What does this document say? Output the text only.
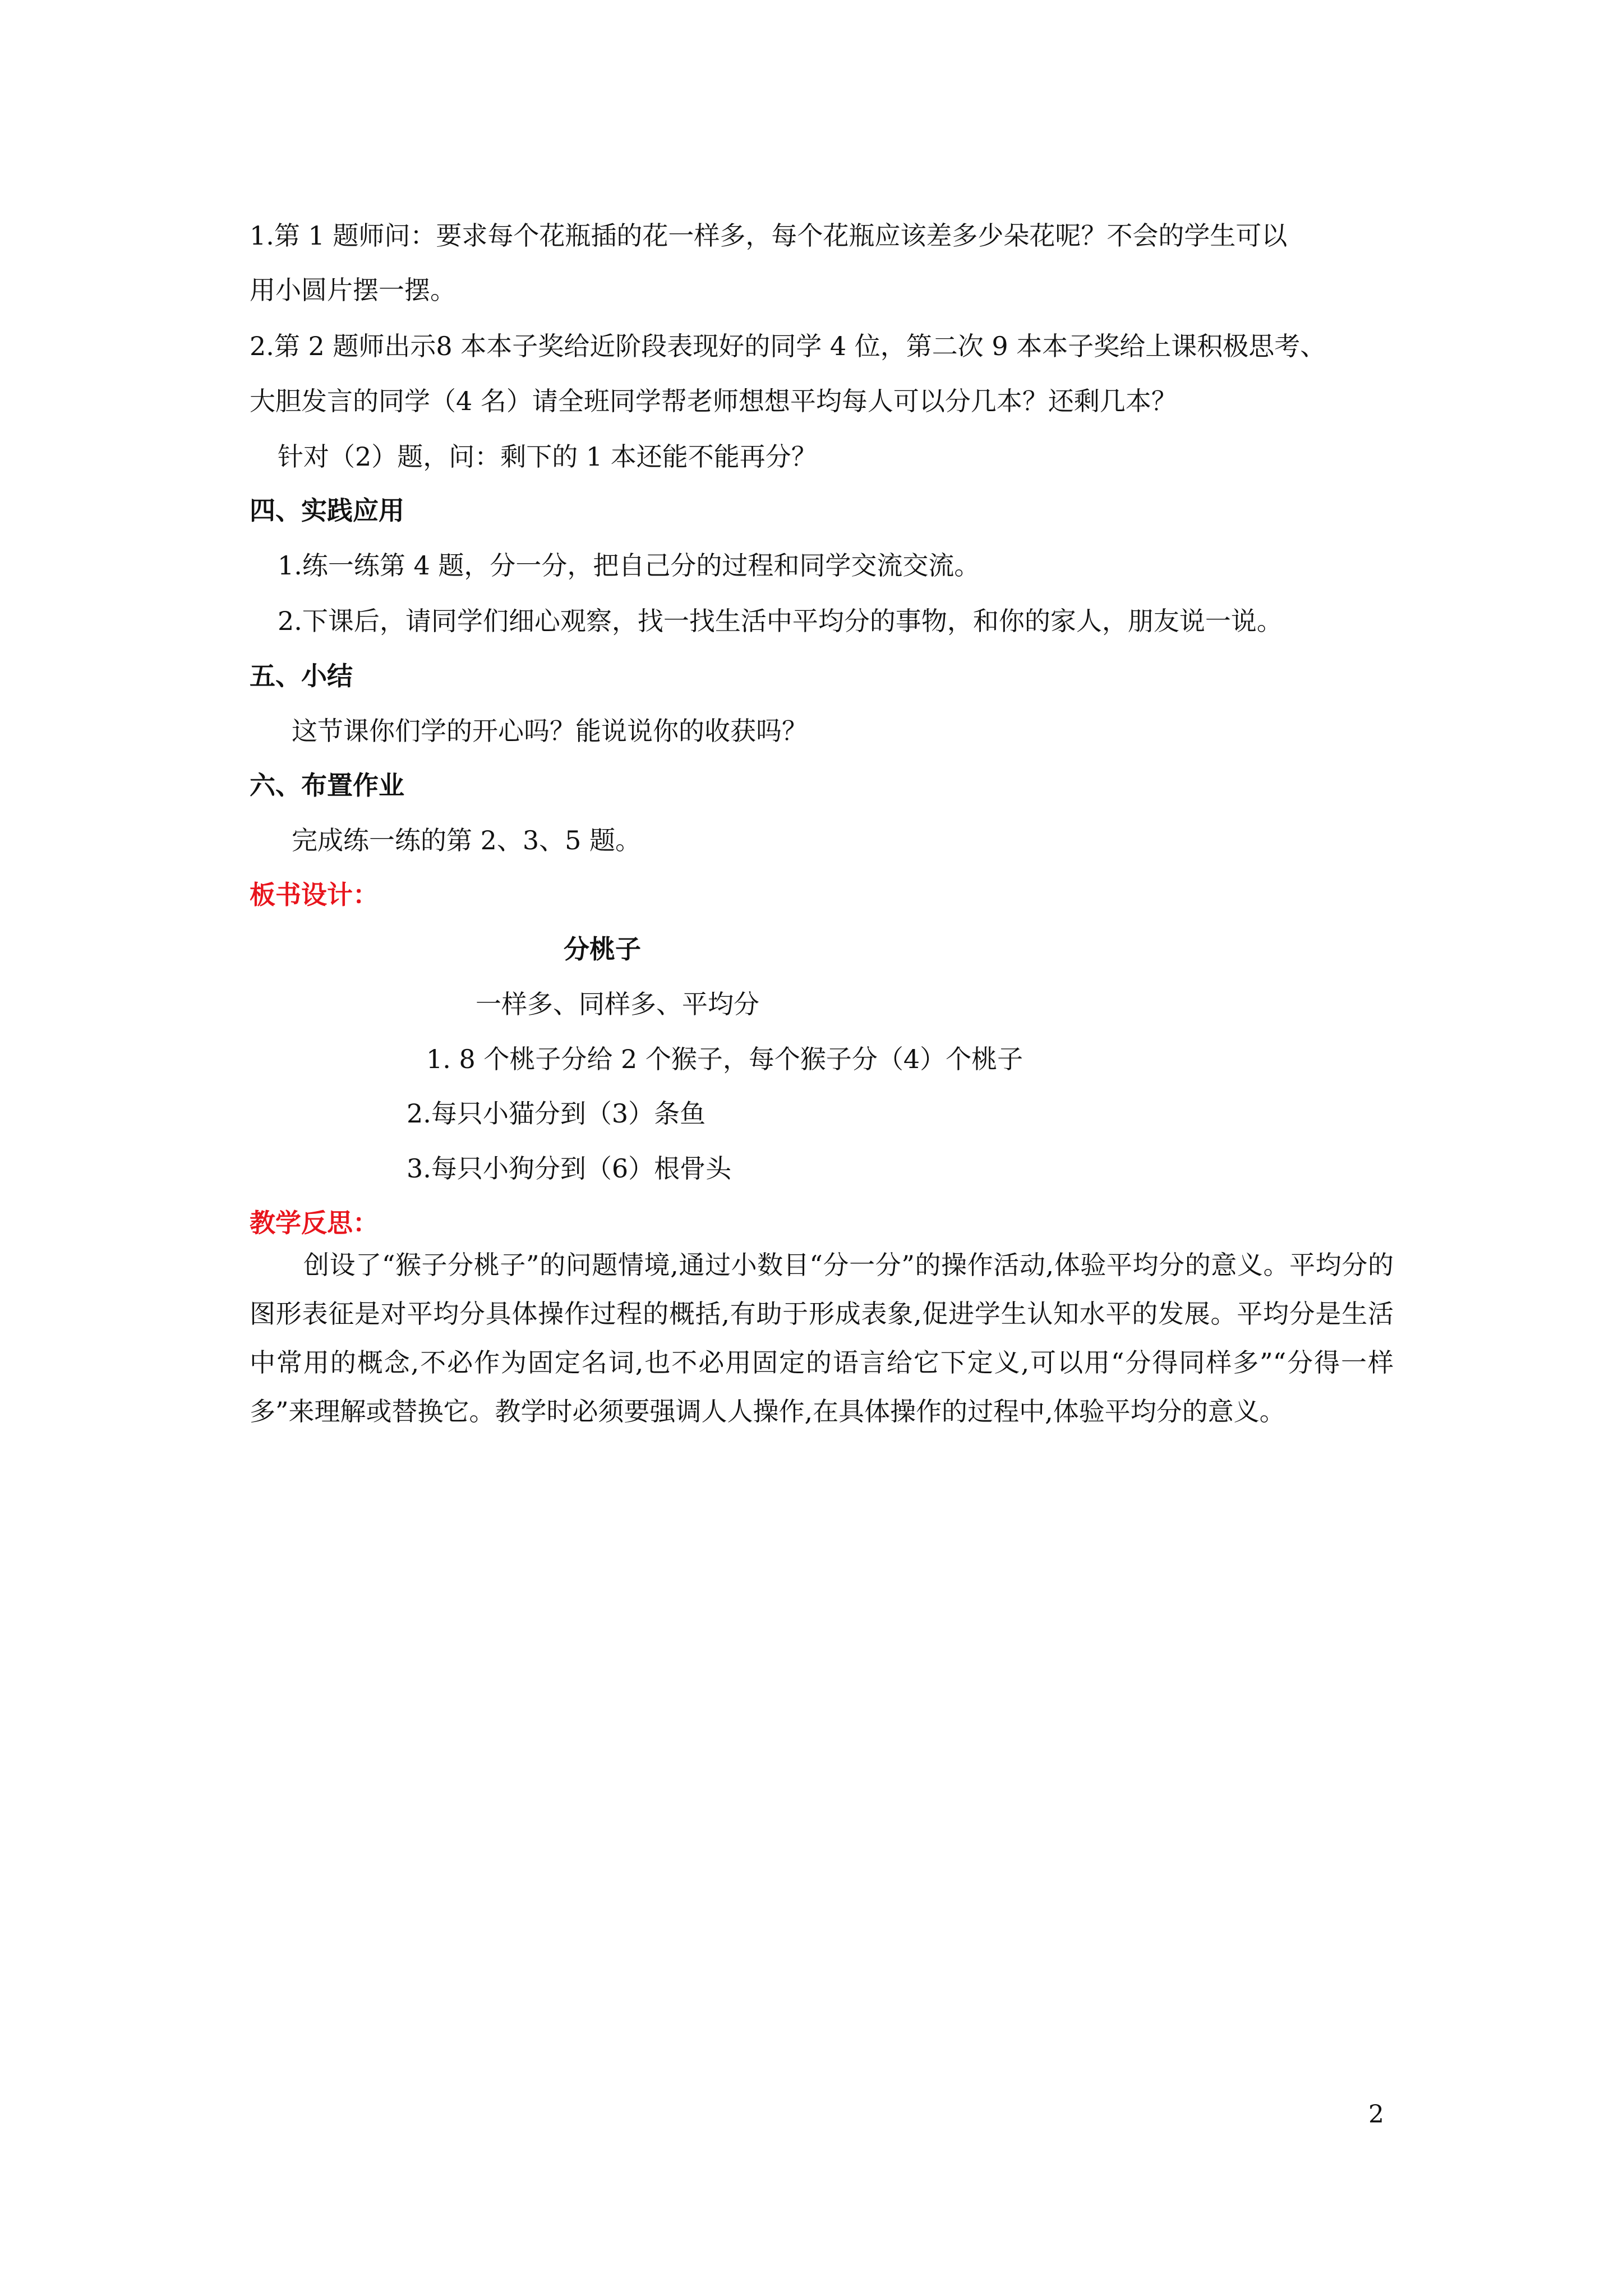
1.第 1 题师问：要求每个花瓶插的花一样多，每个花瓶应该差多少朵花呢？不会的学生可以
用小圆片摆一摆。
2.第 2 题师出示8 本本子奖给近阶段表现好的同学 4 位，第二次 9 本本子奖给上课积极思考、
大胆发言的同学（4 名）请全班同学帮老师想想平均每人可以分几本？还剩几本？
针对（2）题，问：剩下的 1 本还能不能再分？
四、实践应用
1.练一练第 4 题，分一分，把自己分的过程和同学交流交流。
2.下课后，请同学们细心观察，找一找生活中平均分的事物，和你的家人，朋友说一说。
五、小结
这节课你们学的开心吗？能说说你的收获吗？
六、布置作业
完成练一练的第 2、3、5 题。
板书设计：
分桃子
一样多、同样多、平均分
1. 8 个桃子分给 2 个猴子，每个猴子分（4）个桃子
2.每只小猫分到（3）条鱼
3.每只小狗分到（6）根骨头
教学反思：
创设了“猴子分桃子”的问题情境,通过小数目“分一分”的操作活动,体验平均分的意义。平均分的图形表征是对平均分具体操作过程的概括,有助于形成表象,促进学生认知水平的发展。平均分是生活中常用的概念,不必作为固定名词,也不必用固定的语言给它下定义,可以用“分得同样多”“分得一样多”来理解或替换它。教学时必须要强调人人操作,在具体操作的过程中,体验平均分的意义。
2
